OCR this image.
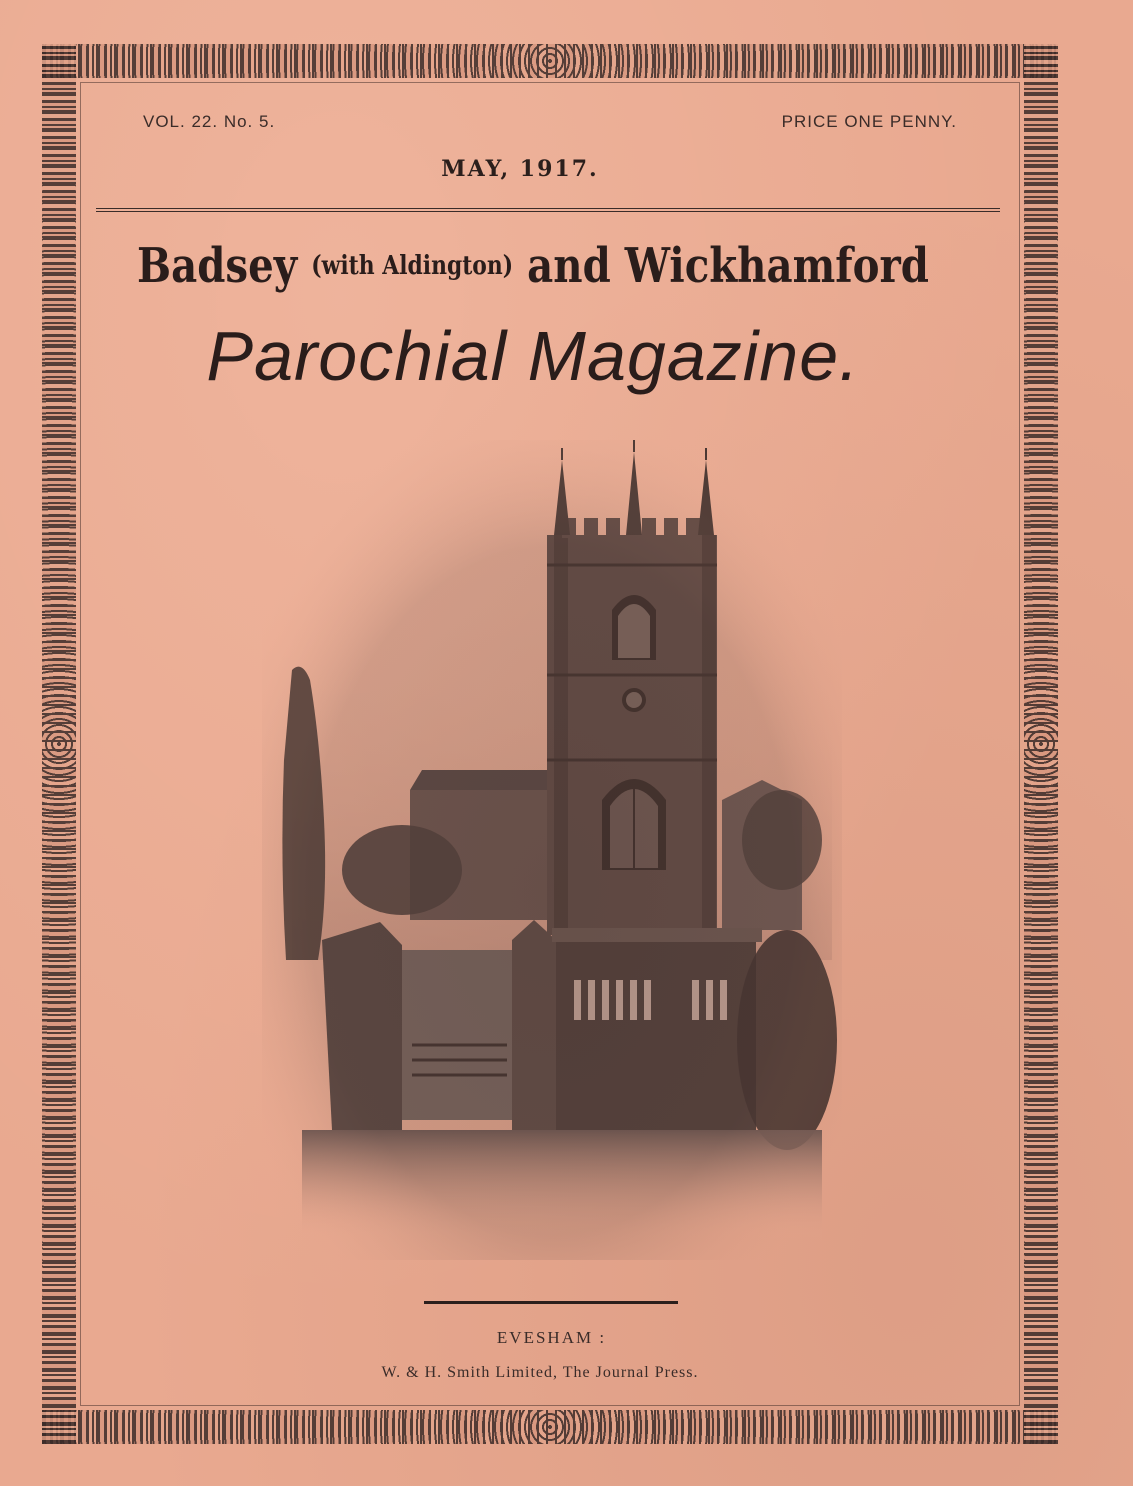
VOL. 22. No. 5.	PRICE ONE PENNY.
MAY, 1917.
Badsey (with Aldington) and Wickhamford
Parochial Magazine.
EVESHAM :
W. & H. Smith Limited, The Journal Press.
